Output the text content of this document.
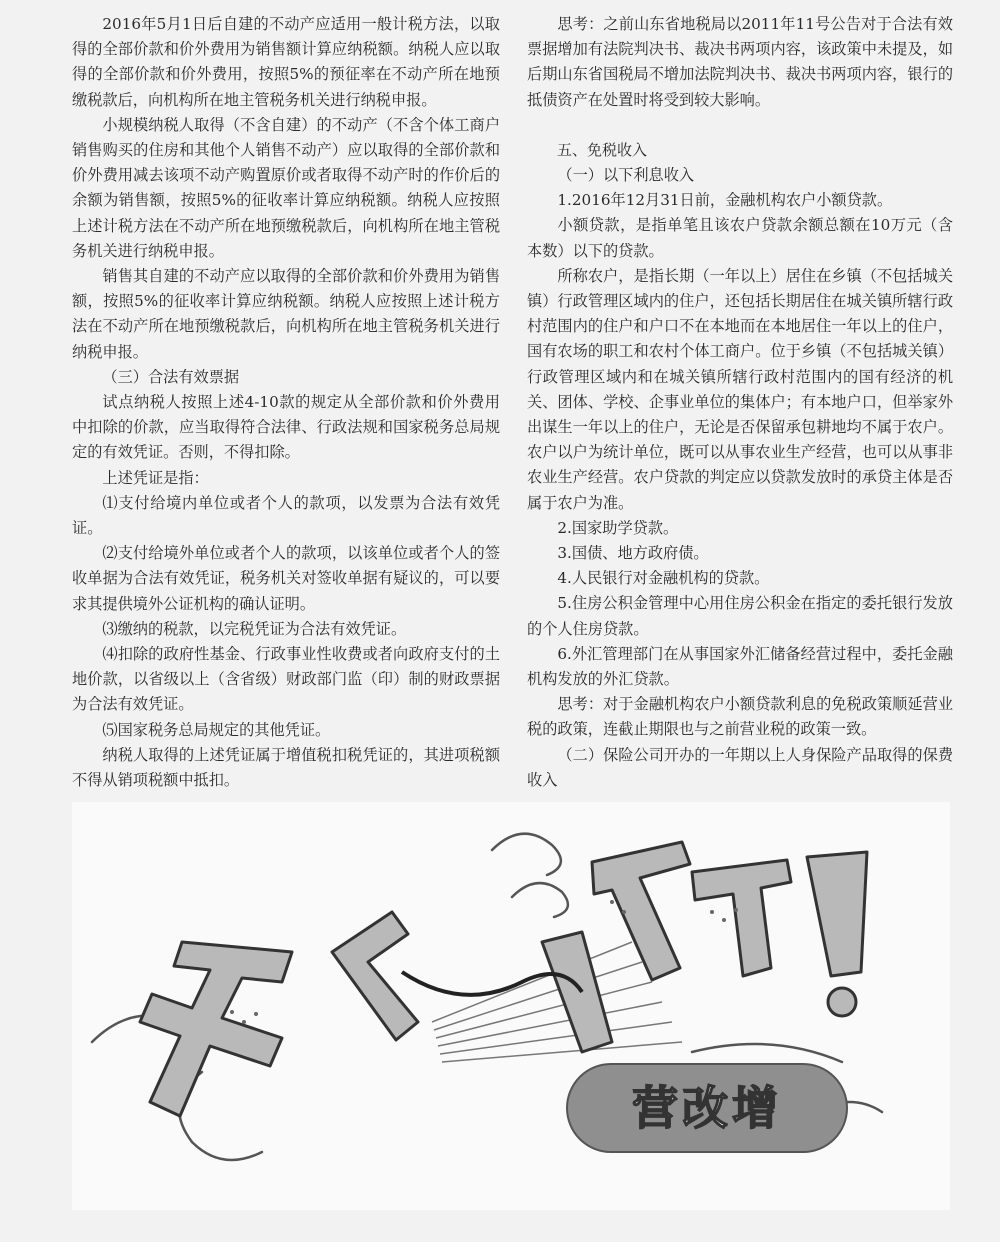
2016年5月1日后自建的不动产应适用一般计税方法，以取得的全部价款和价外费用为销售额计算应纳税额。纳税人应以取得的全部价款和价外费用，按照5%的预征率在不动产所在地预缴税款后，向机构所在地主管税务机关进行纳税申报。

小规模纳税人取得（不含自建）的不动产（不含个体工商户销售购买的住房和其他个人销售不动产）应以取得的全部价款和价外费用减去该项不动产购置原价或者取得不动产时的作价后的余额为销售额，按照5%的征收率计算应纳税额。纳税人应按照上述计税方法在不动产所在地预缴税款后，向机构所在地主管税务机关进行纳税申报。

销售其自建的不动产应以取得的全部价款和价外费用为销售额，按照5%的征收率计算应纳税额。纳税人应按照上述计税方法在不动产所在地预缴税款后，向机构所在地主管税务机关进行纳税申报。

（三）合法有效票据

试点纳税人按照上述4-10款的规定从全部价款和价外费用中扣除的价款，应当取得符合法律、行政法规和国家税务总局规定的有效凭证。否则，不得扣除。

上述凭证是指：

⑴支付给境内单位或者个人的款项，以发票为合法有效凭证。

⑵支付给境外单位或者个人的款项，以该单位或者个人的签收单据为合法有效凭证，税务机关对签收单据有疑议的，可以要求其提供境外公证机构的确认证明。

⑶缴纳的税款，以完税凭证为合法有效凭证。

⑷扣除的政府性基金、行政事业性收费或者向政府支付的土地价款，以省级以上（含省级）财政部门监（印）制的财政票据为合法有效凭证。

⑸国家税务总局规定的其他凭证。

纳税人取得的上述凭证属于增值税扣税凭证的，其进项税额不得从销项税额中抵扣。

思考：之前山东省地税局以2011年11号公告对于合法有效票据增加有法院判决书、裁决书两项内容，该政策中未提及，如后期山东省国税局不增加法院判决书、裁决书两项内容，银行的抵债资产在处置时将受到较大影响。

五、免税收入

（一）以下利息收入

1.2016年12月31日前，金融机构农户小额贷款。

小额贷款，是指单笔且该农户贷款余额总额在10万元（含本数）以下的贷款。

所称农户，是指长期（一年以上）居住在乡镇（不包括城关镇）行政管理区域内的住户，还包括长期居住在城关镇所辖行政村范围内的住户和户口不在本地而在本地居住一年以上的住户，国有农场的职工和农村个体工商户。位于乡镇（不包括城关镇）行政管理区域内和在城关镇所辖行政村范围内的国有经济的机关、团体、学校、企事业单位的集体户；有本地户口，但举家外出谋生一年以上的住户，无论是否保留承包耕地均不属于农户。农户以户为统计单位，既可以从事农业生产经营，也可以从事非农业生产经营。农户贷款的判定应以贷款发放时的承贷主体是否属于农户为准。

2.国家助学贷款。

3.国债、地方政府债。

4.人民银行对金融机构的贷款。

5.住房公积金管理中心用住房公积金在指定的委托银行发放的个人住房贷款。

6.外汇管理部门在从事国家外汇储备经营过程中，委托金融机构发放的外汇贷款。

思考：对于金融机构农户小额贷款利息的免税政策顺延营业税的政策，连截止期限也与之前营业税的政策一致。

（二）保险公司开办的一年期以上人身保险产品取得的保费收入

营改增
